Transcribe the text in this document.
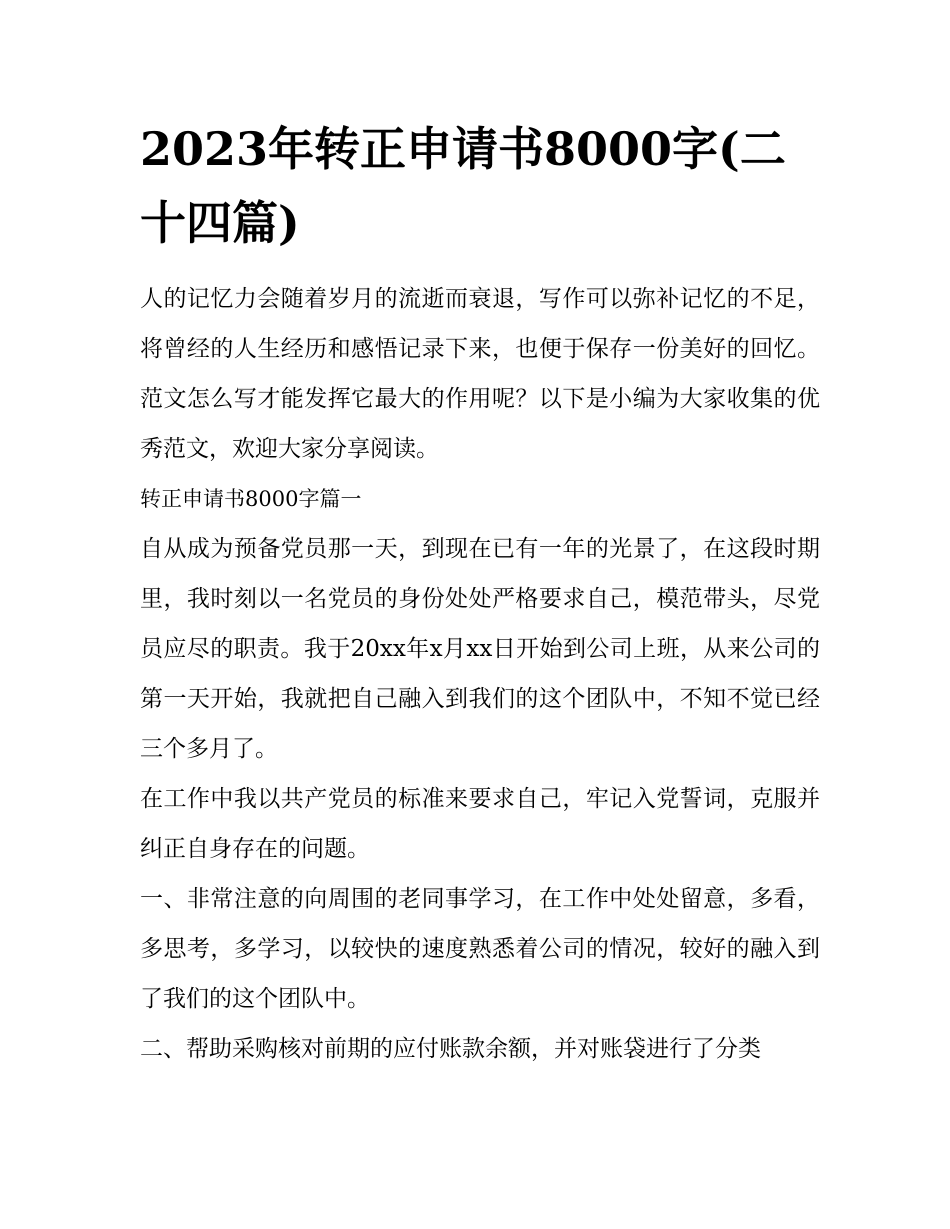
2023年转正申请书8000字(二十四篇)

人的记忆力会随着岁月的流逝而衰退，写作可以弥补记忆的不足，将曾经的人生经历和感悟记录下来，也便于保存一份美好的回忆。范文怎么写才能发挥它最大的作用呢？以下是小编为大家收集的优秀范文，欢迎大家分享阅读。

转正申请书8000字篇一

自从成为预备党员那一天，到现在已有一年的光景了，在这段时期里，我时刻以一名党员的身份处处严格要求自己，模范带头，尽党员应尽的职责。我于20xx年x月xx日开始到公司上班，从来公司的第一天开始，我就把自己融入到我们的这个团队中，不知不觉已经三个多月了。

在工作中我以共产党员的标准来要求自己，牢记入党誓词，克服并纠正自身存在的问题。

一、非常注意的向周围的老同事学习，在工作中处处留意，多看，多思考，多学习，以较快的速度熟悉着公司的情况，较好的融入到了我们的这个团队中。

二、帮助采购核对前期的应付账款余额，并对账袋进行了分类
